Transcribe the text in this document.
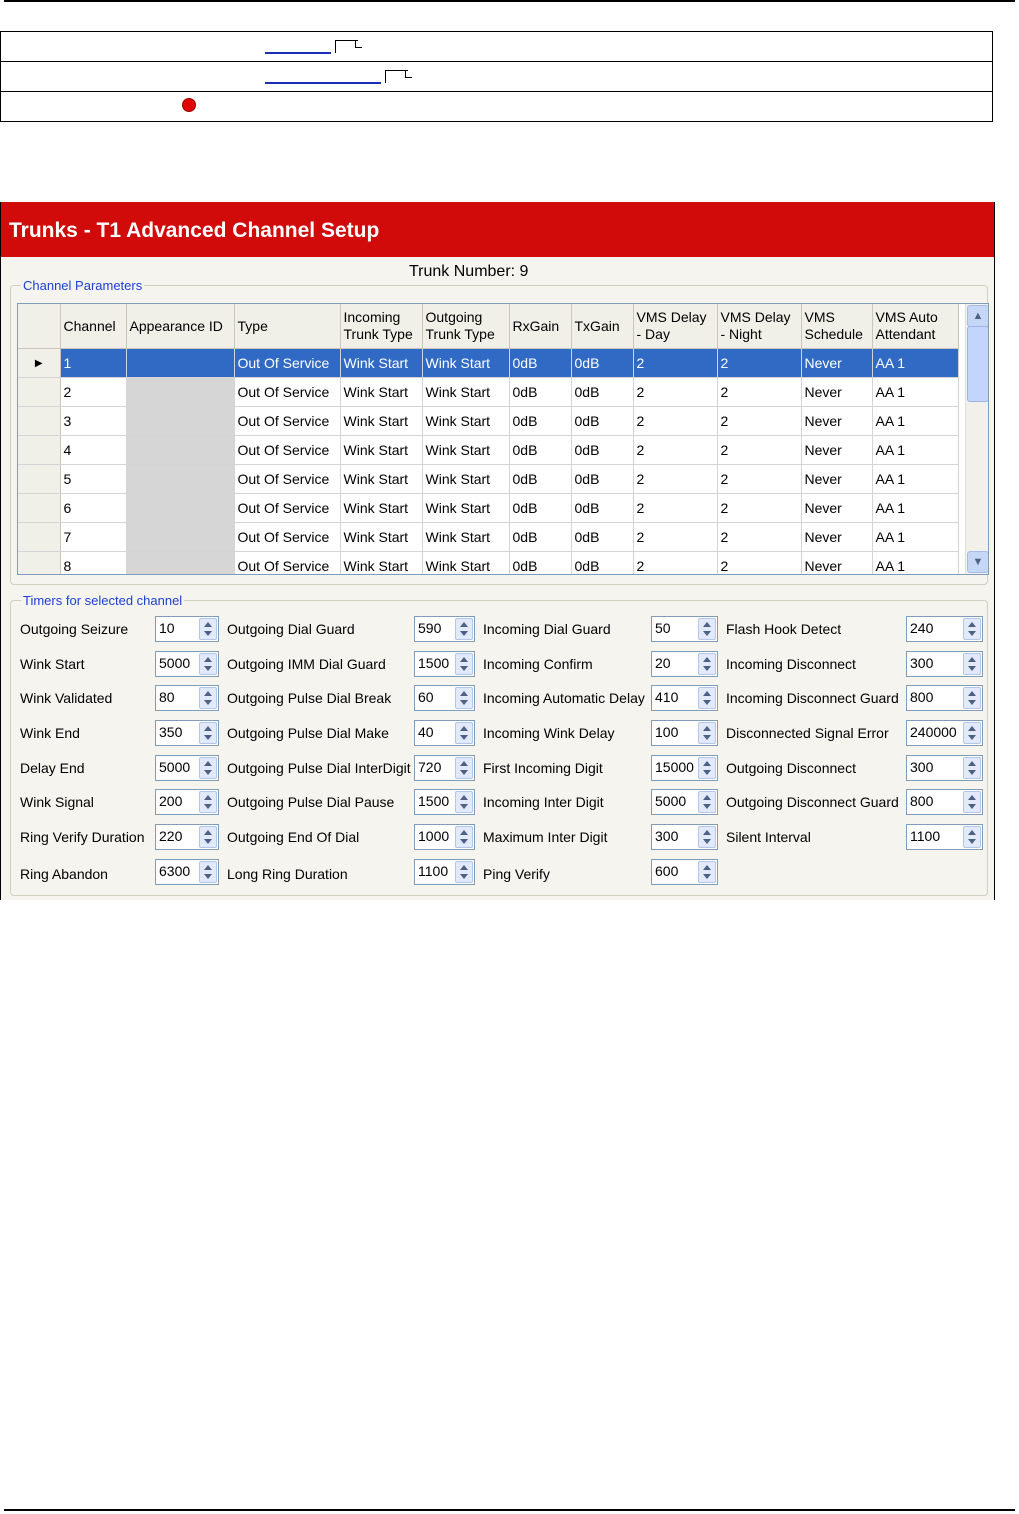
Trunks - T1 Advanced Channel Setup
Trunk Number: 9
Channel Parameters
	Channel	Appearance ID	Type	Incoming Trunk Type	Outgoing Trunk Type	RxGain	TxGain	VMS Delay - Day	VMS Delay - Night	VMS Schedule	VMS Auto Attendant
▶	1		Out Of Service	Wink Start	Wink Start	0dB	0dB	2	2	Never	AA 1
	2		Out Of Service	Wink Start	Wink Start	0dB	0dB	2	2	Never	AA 1
	3		Out Of Service	Wink Start	Wink Start	0dB	0dB	2	2	Never	AA 1
	4		Out Of Service	Wink Start	Wink Start	0dB	0dB	2	2	Never	AA 1
	5		Out Of Service	Wink Start	Wink Start	0dB	0dB	2	2	Never	AA 1
	6		Out Of Service	Wink Start	Wink Start	0dB	0dB	2	2	Never	AA 1
	7		Out Of Service	Wink Start	Wink Start	0dB	0dB	2	2	Never	AA 1
	8		Out Of Service	Wink Start	Wink Start	0dB	0dB	2	2	Never	AA 1
▲
▼
Timers for selected channel
Outgoing Seizure 10
Wink Start	5000
Wink Validated	80
Wink End	350
Delay End	5000
Wink Signal	200
Ring Verify Duration 220
Ring Abandon	6300
Outgoing Dial Guard	590
Outgoing IMM Dial Guard 1500
Outgoing Pulse Dial Break 60
Outgoing Pulse Dial Make 40
Outgoing Pulse Dial InterDigit 720
Outgoing Pulse Dial Pause 1500
Outgoing End Of Dial	1000
Long Ring Duration	1100
Incoming Dial Guard	50
Incoming Confirm	20
Incoming Automatic Delay 410
Incoming Wink Delay	100
First Incoming Digit	15000
Incoming Inter Digit	5000
Maximum Inter Digit	300
Ping Verify	600
Flash Hook Detect	240
Incoming Disconnect	300
Incoming Disconnect Guard 800
Disconnected Signal Error 240000
Outgoing Disconnect	300
Outgoing Disconnect Guard 800
Silent Interval	1100
